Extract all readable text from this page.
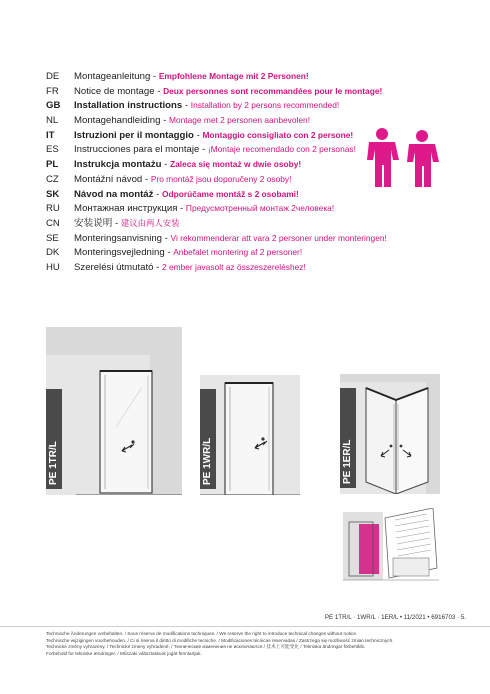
DE Montageanleitung - Empfohlene Montage mit 2 Personen!
FR Notice de montage - Deux personnes sont recommandées pour le montage!
GB Installation instructions - Installation by 2 persons recommended!
NL Montagehandleiding - Montage met 2 personen aanbevolen!
IT Istruzioni per il montaggio - Montaggio consigliato con 2 persone!
ES Instrucciones para el montaje - ¡Montaje recomendado con 2 personas!
PL Instrukcja montażu - Zaleca się montaż w dwie osoby!
CZ Montážní návod - Pro montáž jsou doporučeny 2 osoby!
SK Návod na montáž - Odporúčame montáž s 2 osobami!
RU Монтажная инструкция - Предусмотренный монтаж 2человека!
CN 安装说明 - 建议由两人安装
SE Monteringsanvisning - Vi rekommenderar att vara 2 personer under monteringen!
DK Monteringsvejledning - Anbefalet montering af 2 personer!
HU Szerelési útmutató - 2 ember javasolt az összeszereléshez!
PE 1TR/L	PE 1WR/L	PE 1ER/L
PE 1TR/L · 1WR/L · 1ER/L • 11/2021 • 6916703 · 5.
Technische Änderungen vorbehalten. / Sous réserve de modifications techniques. / We reserve the right to introduce technical changes without notice.
Technische wijzigingen voorbehouden. / Ci si riserva il diritto di modifiche tecniche. / Modificaciones técnicas reservadas / Zastrzega się możliwość zmian technicznych.
Technické změny vyhrazeny. / Technické zmeny vyhradené. / Технические изменения не исключаются / 技术上可能变化 / Tekniska ändringar förbehålls.
Forbehold for tekniske ændringer. / Műszaki változtatások jogát fenntartjuk.
